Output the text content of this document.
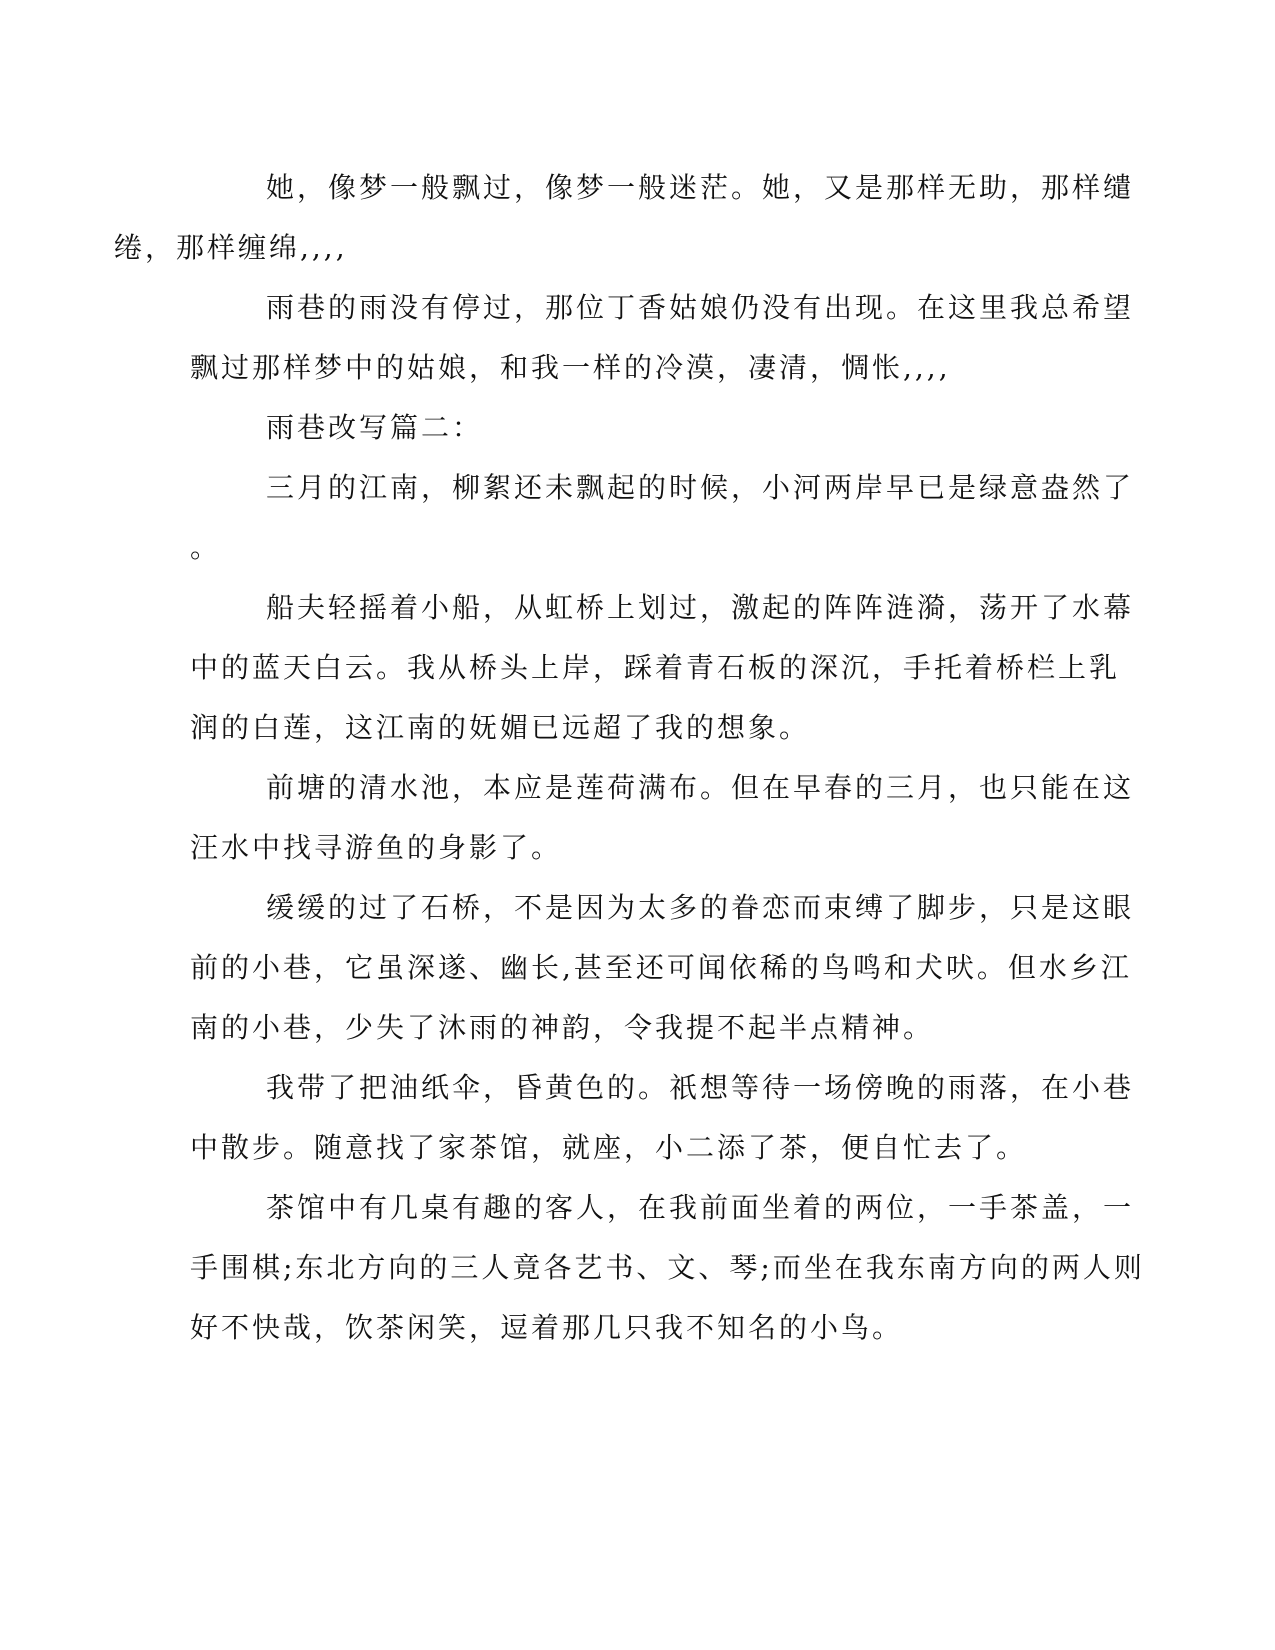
她，像梦一般飘过，像梦一般迷茫。她，又是那样无助，那样缱
绻，那样缠绵,,,,

雨巷的雨没有停过，那位丁香姑娘仍没有出现。在这里我总希望
飘过那样梦中的姑娘，和我一样的冷漠，凄清，惆怅,,,,

雨巷改写篇二：

三月的江南，柳絮还未飘起的时候，小河两岸早已是绿意盎然了
。

船夫轻摇着小船，从虹桥上划过，激起的阵阵涟漪，荡开了水幕
中的蓝天白云。我从桥头上岸，踩着青石板的深沉，手托着桥栏上乳
润的白莲，这江南的妩媚已远超了我的想象。

前塘的清水池，本应是莲荷满布。但在早春的三月，也只能在这
汪水中找寻游鱼的身影了。

缓缓的过了石桥，不是因为太多的眷恋而束缚了脚步，只是这眼
前的小巷，它虽深遂、幽长,甚至还可闻依稀的鸟鸣和犬吠。但水乡江
南的小巷，少失了沐雨的神韵，令我提不起半点精神。

我带了把油纸伞，昏黄色的。祇想等待一场傍晚的雨落，在小巷
中散步。随意找了家茶馆，就座，小二添了茶，便自忙去了。

茶馆中有几桌有趣的客人，在我前面坐着的两位，一手茶盖，一
手围棋;东北方向的三人竟各艺书、文、琴;而坐在我东南方向的两人则
好不快哉，饮茶闲笑，逗着那几只我不知名的小鸟。
